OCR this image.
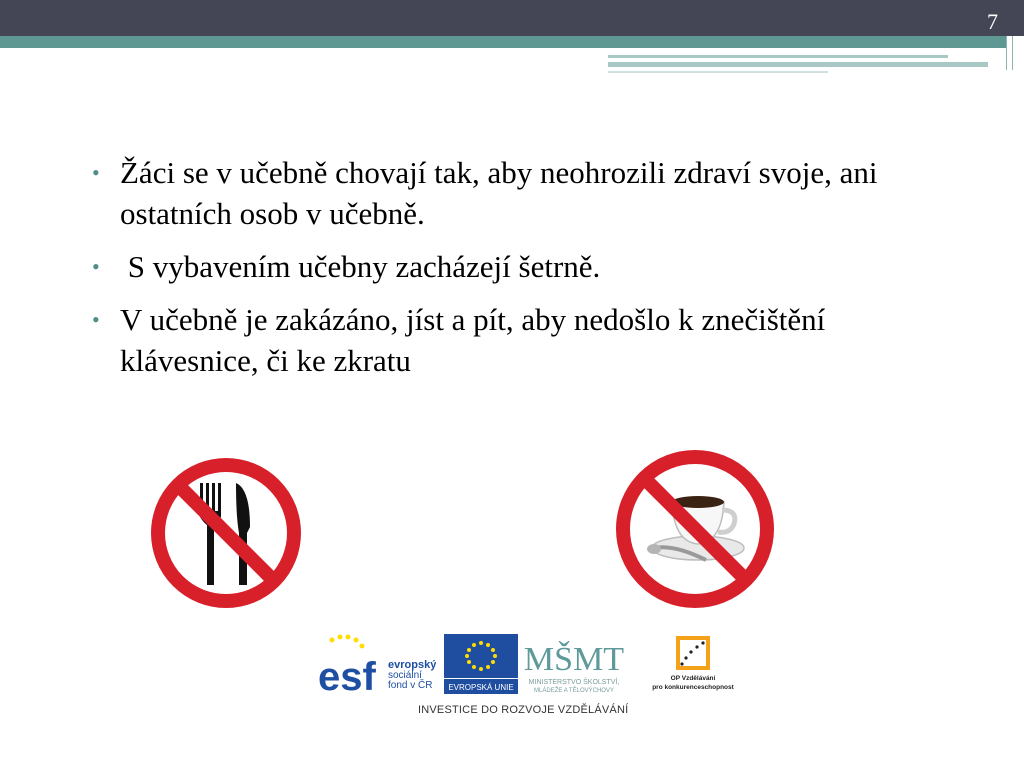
7
• Žáci se v učebně chovají tak, aby neohrozili zdraví svoje, ani ostatních osob v učebně.
• S vybavením učebny zacházejí šetrně.
• V učebně je zakázáno, jíst a pít, aby nedošlo k znečištění klávesnice, či ke zkratu
esf evropský
sociální
fond v ČR EVROPSKÁ UNIE
MŠMT
MINISTERSTVO ŠKOLSTVÍ,
MLÁDEŽE A TĚLOVÝCHOVY
OP Vzdělávání
pro konkurenceschopnost
INVESTICE DO ROZVOJE VZDĚLÁVÁNÍ
